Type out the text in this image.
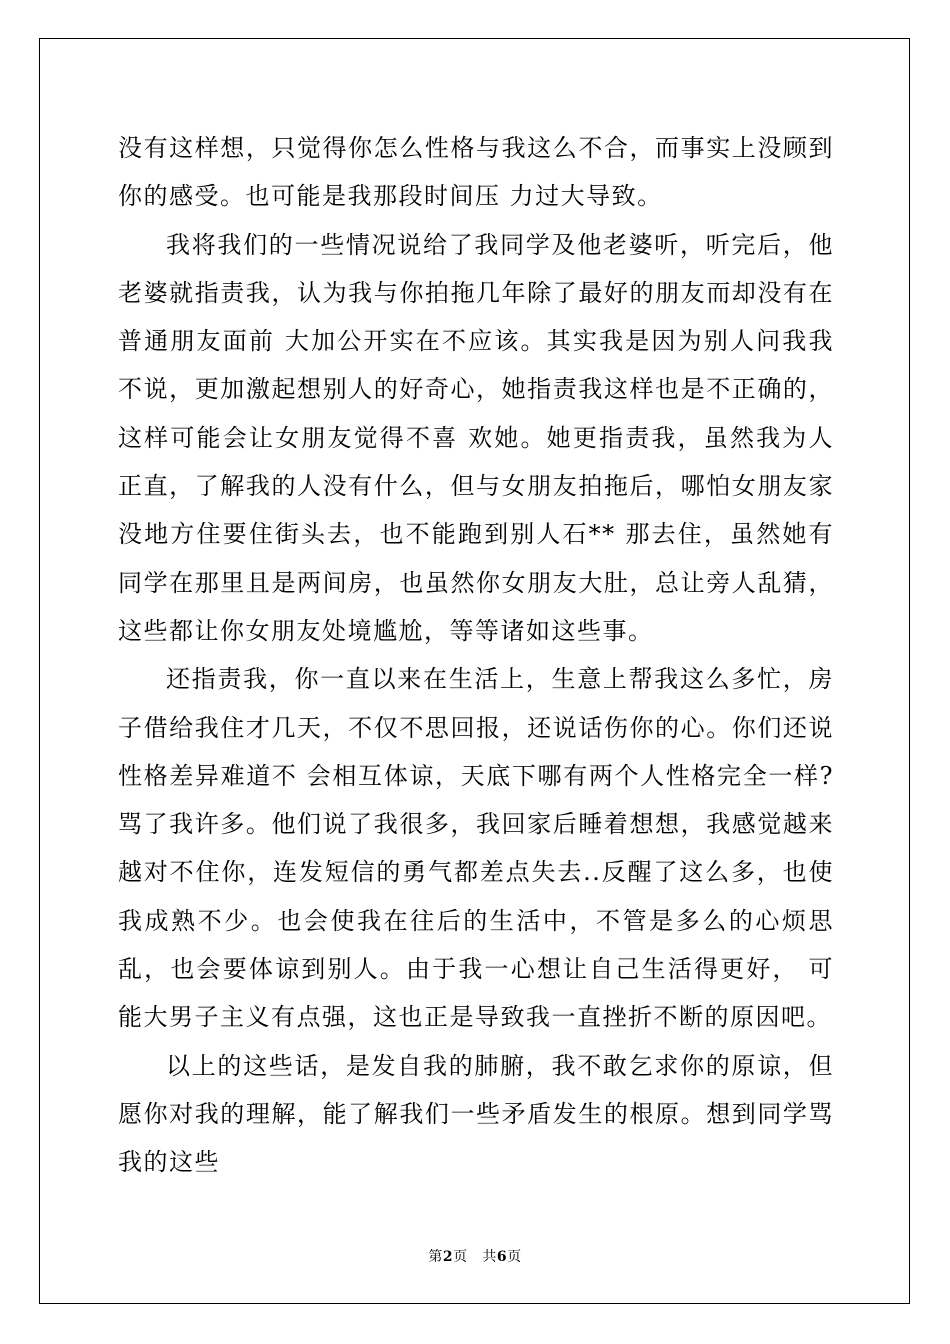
没有这样想，只觉得你怎么性格与我这么不合，而事实上没顾到你的感受。也可能是我那段时间压 力过大导致。

我将我们的一些情况说给了我同学及他老婆听，听完后，他老婆就指责我，认为我与你拍拖几年除了最好的朋友而却没有在普通朋友面前 大加公开实在不应该。其实我是因为别人问我我不说，更加激起想别人的好奇心，她指责我这样也是不正确的，这样可能会让女朋友觉得不喜 欢她。她更指责我，虽然我为人正直，了解我的人没有什么，但与女朋友拍拖后，哪怕女朋友家没地方住要住街头去，也不能跑到别人石** 那去住，虽然她有同学在那里且是两间房，也虽然你女朋友大肚，总让旁人乱猜，这些都让你女朋友处境尴尬，等等诸如这些事。

还指责我，你一直以来在生活上，生意上帮我这么多忙，房子借给我住才几天，不仅不思回报，还说话伤你的心。你们还说性格差异难道不 会相互体谅，天底下哪有两个人性格完全一样?骂了我许多。他们说了我很多，我回家后睡着想想，我感觉越来越对不住你，连发短信的勇气都差点失去..反醒了这么多，也使我成熟不少。也会使我在往后的生活中，不管是多么的心烦思乱，也会要体谅到别人。由于我一心想让自己生活得更好， 可能大男子主义有点强，这也正是导致我一直挫折不断的原因吧。

以上的这些话，是发自我的肺腑，我不敢乞求你的原谅，但愿你对我的理解，能了解我们一些矛盾发生的根原。想到同学骂我的这些

第2页 共6页
